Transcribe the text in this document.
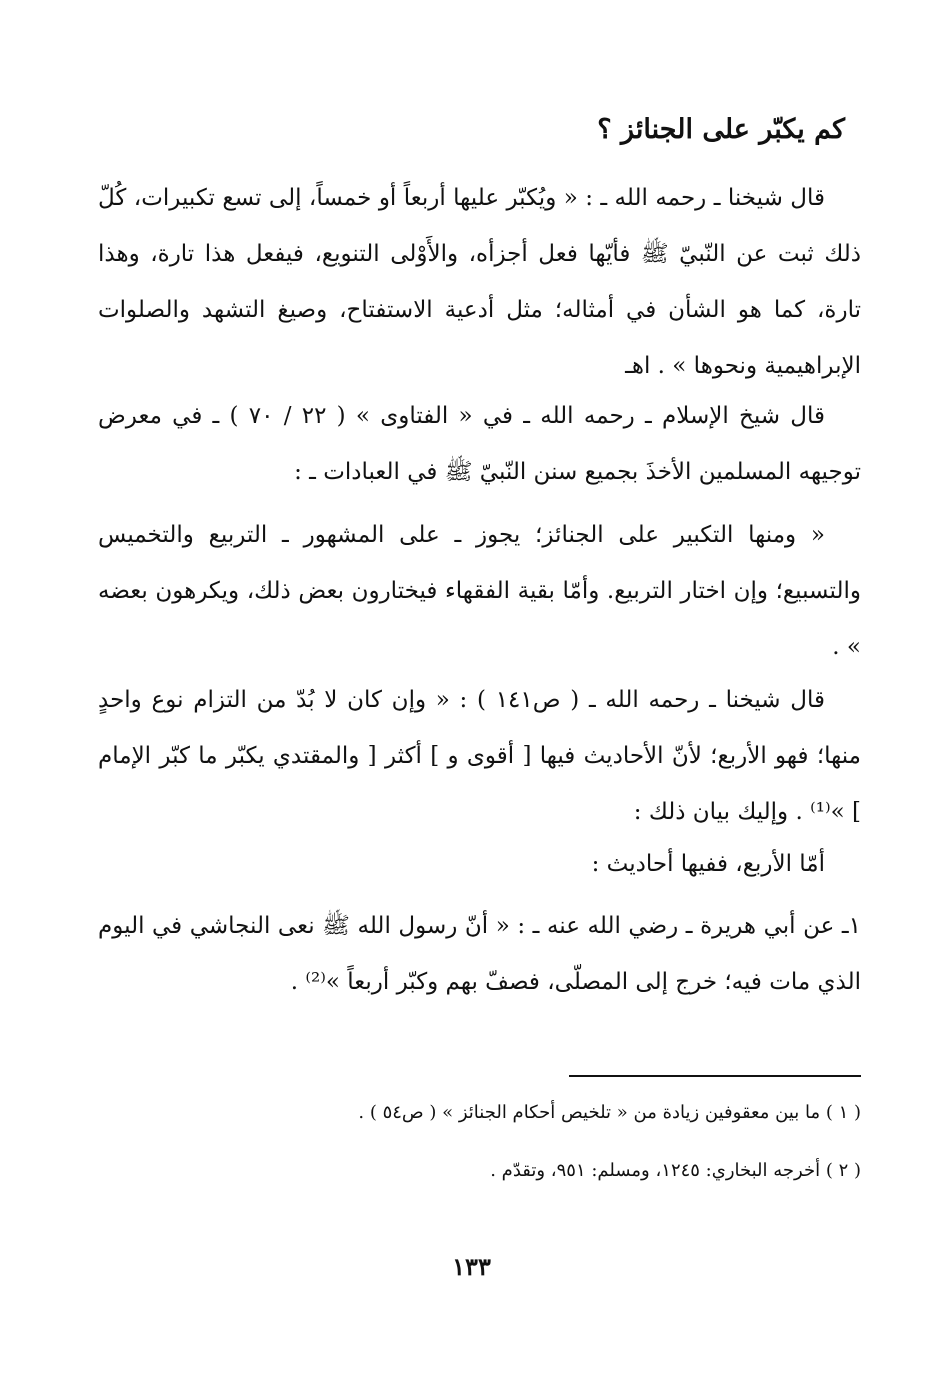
كم يكبّر على الجنائز ؟
قال شيخنا ـ رحمه الله ـ : « ويُكبّر عليها أربعاً أو خمساً، إلى تسع تكبيرات، كُلّ ذلك ثبت عن النّبيّ ﷺ فأيّها فعل أجزأه، والأَوْلى التنويع، فيفعل هذا تارة، وهذا تارة، كما هو الشأن في أمثاله؛ مثل أدعية الاستفتاح، وصيغ التشهد والصلوات الإبراهيمية ونحوها » . اهـ
قال شيخ الإسلام ـ رحمه الله ـ في « الفتاوى » ( ٢٢ / ٧٠ ) ـ في معرض توجيهه المسلمين الأخذَ بجميع سنن النّبيّ ﷺ في العبادات ـ :
« ومنها التكبير على الجنائز؛ يجوز ـ على المشهور ـ التربيع والتخميس والتسبيع؛ وإن اختار التربيع. وأمّا بقية الفقهاء فيختارون بعض ذلك، ويكرهون بعضه » .
قال شيخنا ـ رحمه الله ـ ( ص١٤١ ) : « وإن كان لا بُدّ من التزام نوع واحدٍ منها؛ فهو الأربع؛ لأنّ الأحاديث فيها [ أقوى و ] أكثر [ والمقتدي يكبّر ما كبّر الإمام ] »⁽¹⁾ . وإليك بيان ذلك :
أمّا الأربع، ففيها أحاديث :
١ـ عن أبي هريرة ـ رضي الله عنه ـ : « أنّ رسول الله ﷺ نعى النجاشي في اليوم الذي مات فيه؛ خرج إلى المصلّى، فصفّ بهم وكبّر أربعاً »⁽²⁾ .
( ١ ) ما بين معقوفين زيادة من « تلخيص أحكام الجنائز » ( ص٥٤ ) .
( ٢ ) أخرجه البخاري: ١٢٤٥، ومسلم: ٩٥١، وتقدّم .
١٣٣
